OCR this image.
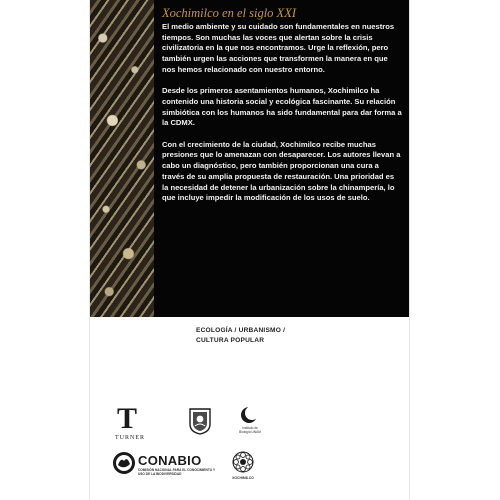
Xochimilco en el siglo XXI

El medio ambiente y su cuidado son fundamentales en nuestros tiempos. Son muchas las voces que alertan sobre la crisis civilizatoria en la que nos encontramos. Urge la reflexión, pero también urgen las acciones que transformen la manera en que nos hemos relacionado con nuestro entorno.

Desde los primeros asentamientos humanos, Xochimilco ha contenido una historia social y ecológica fascinante. Su relación simbiótica con los humanos ha sido fundamental para dar forma a la CDMX.

Con el crecimiento de la ciudad, Xochimilco recibe muchas presiones que lo amenazan con desaparecer. Los autores llevan a cabo un diagnóstico, pero también proporcionan una cura a través de su amplia propuesta de restauración. Una prioridad es la necesidad de detener la urbanización sobre la chinampería, lo que incluye impedir la modificación de los usos de suelo.

ECOLOGÍA / URBANISMO /
CULTURA POPULAR
T
TURNER
Instituto de Biología UNAM
CONABIO
COMISIÓN NACIONAL PARA EL CONOCIMIENTO Y USO DE LA BIODIVERSIDAD
XOCHIMILCO
